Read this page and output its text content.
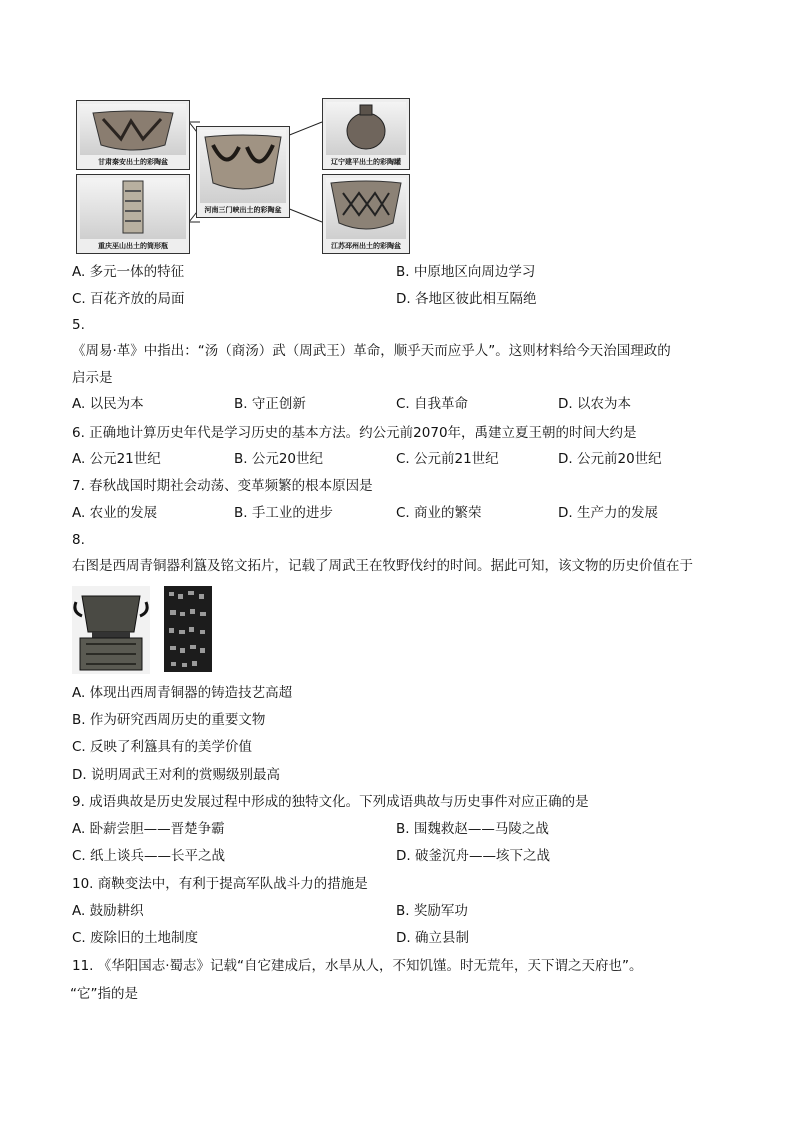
甘肃秦安出土的彩陶盆
重庆巫山出土的筒形瓶
河南三门峡出土的彩陶盆
辽宁建平出土的彩陶罐
江苏邳州出土的彩陶盆
A. 多元一体的特征	B. 中原地区向周边学习
C. 百花齐放的局面	D. 各地区彼此相互隔绝
5.
《周易·革》中指出：“汤（商汤）武（周武王）革命，顺乎天而应乎人”。这则材料给今天治国理政的
启示是
A. 以民为本	B. 守正创新	C. 自我革命	D. 以农为本
6. 正确地计算历史年代是学习历史的基本方法。约公元前2070年，禹建立夏王朝的时间大约是
A. 公元21世纪	B. 公元20世纪	C. 公元前21世纪	D. 公元前20世纪
7. 春秋战国时期社会动荡、变革频繁的根本原因是
A. 农业的发展	B. 手工业的进步	C. 商业的繁荣	D. 生产力的发展
8.
右图是西周青铜器利簋及铭文拓片，记载了周武王在牧野伐纣的时间。据此可知，该文物的历史价值在于
A. 体现出西周青铜器的铸造技艺高超
B. 作为研究西周历史的重要文物
C. 反映了利簋具有的美学价值
D. 说明周武王对利的赏赐级别最高
9. 成语典故是历史发展过程中形成的独特文化。下列成语典故与历史事件对应正确的是
A. 卧薪尝胆——晋楚争霸	B. 围魏救赵——马陵之战
C. 纸上谈兵——长平之战	D. 破釜沉舟——垓下之战
10. 商鞅变法中，有利于提高军队战斗力的措施是
A. 鼓励耕织	B. 奖励军功
C. 废除旧的土地制度	D. 确立县制
11. 《华阳国志·蜀志》记载“自它建成后，水旱从人，不知饥馑。时无荒年，天下谓之天府也”。
“它”指的是
